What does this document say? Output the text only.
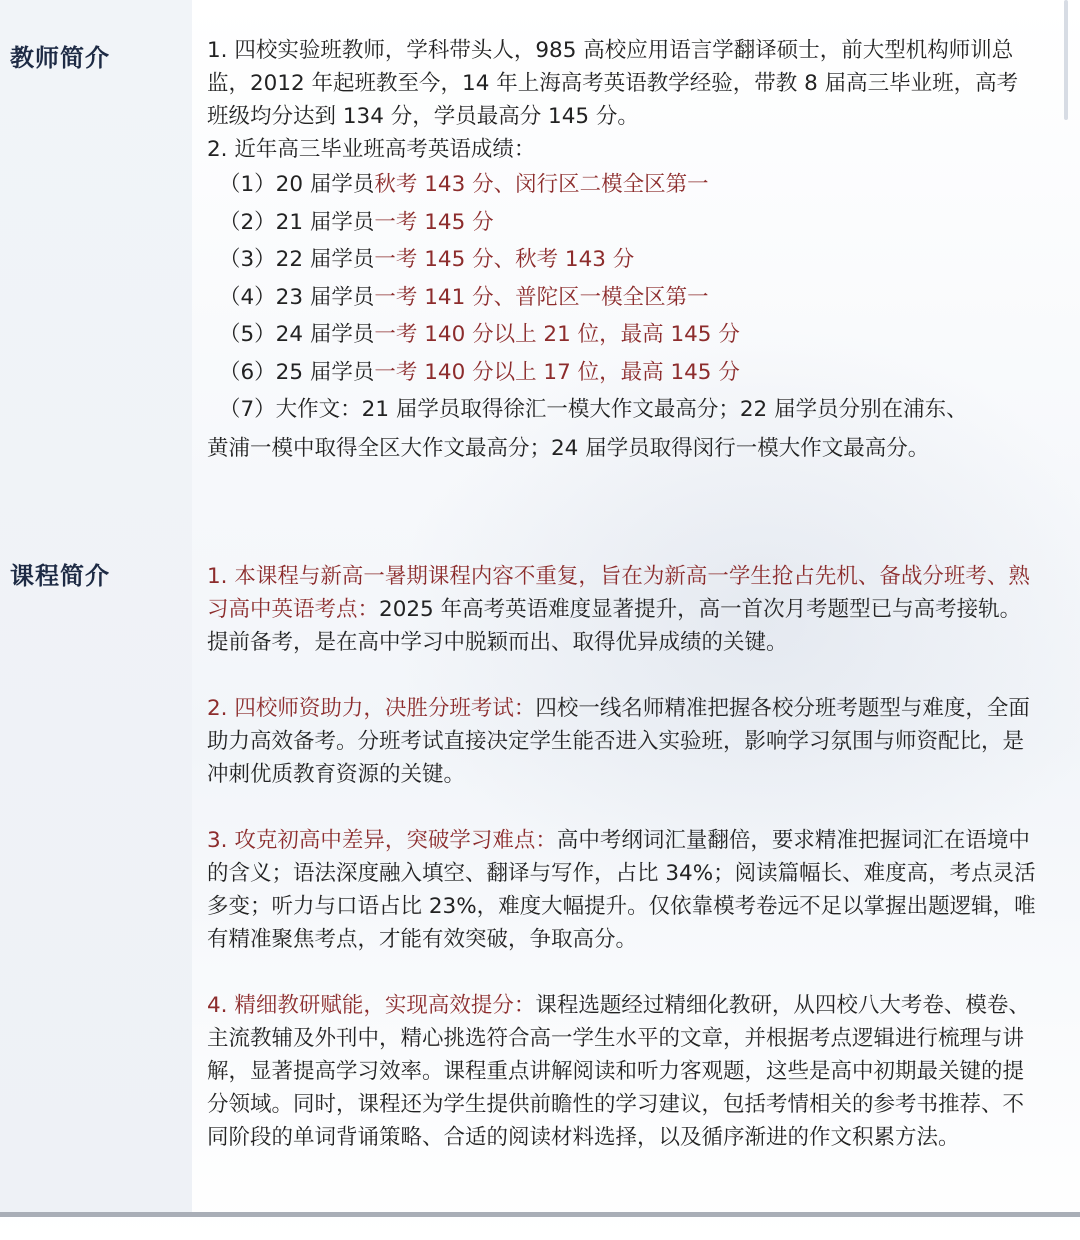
教师简介
课程简介

1. 四校实验班教师，学科带头人，985 高校应用语言学翻译硕士，前大型机构师训总监，2012 年起班教至今，14 年上海高考英语教学经验，带教 8 届高三毕业班，高考班级均分达到 134 分，学员最高分 145 分。

2. 近年高三毕业班高考英语成绩：

（1）20 届学员秋考 143 分、闵行区二模全区第一

（2）21 届学员一考 145 分

（3）22 届学员一考 145 分、秋考 143 分

（4）23 届学员一考 141 分、普陀区一模全区第一

（5）24 届学员一考 140 分以上 21 位，最高 145 分

（6）25 届学员一考 140 分以上 17 位，最高 145 分

（7）大作文：21 届学员取得徐汇一模大作文最高分；22 届学员分别在浦东、

黄浦一模中取得全区大作文最高分；24 届学员取得闵行一模大作文最高分。

1. 本课程与新高一暑期课程内容不重复，旨在为新高一学生抢占先机、备战分班考、熟习高中英语考点：2025 年高考英语难度显著提升，高一首次月考题型已与高考接轨。提前备考，是在高中学习中脱颖而出、取得优异成绩的关键。

2. 四校师资助力，决胜分班考试：四校一线名师精准把握各校分班考题型与难度，全面助力高效备考。分班考试直接决定学生能否进入实验班，影响学习氛围与师资配比，是冲刺优质教育资源的关键。

3. 攻克初高中差异，突破学习难点：高中考纲词汇量翻倍，要求精准把握词汇在语境中的含义；语法深度融入填空、翻译与写作，占比 34%；阅读篇幅长、难度高，考点灵活多变；听力与口语占比 23%，难度大幅提升。仅依靠模考卷远不足以掌握出题逻辑，唯有精准聚焦考点，才能有效突破，争取高分。

4. 精细教研赋能，实现高效提分：课程选题经过精细化教研，从四校八大考卷、模卷、主流教辅及外刊中，精心挑选符合高一学生水平的文章，并根据考点逻辑进行梳理与讲解，显著提高学习效率。课程重点讲解阅读和听力客观题，这些是高中初期最关键的提分领域。同时，课程还为学生提供前瞻性的学习建议，包括考情相关的参考书推荐、不同阶段的单词背诵策略、合适的阅读材料选择，以及循序渐进的作文积累方法。
